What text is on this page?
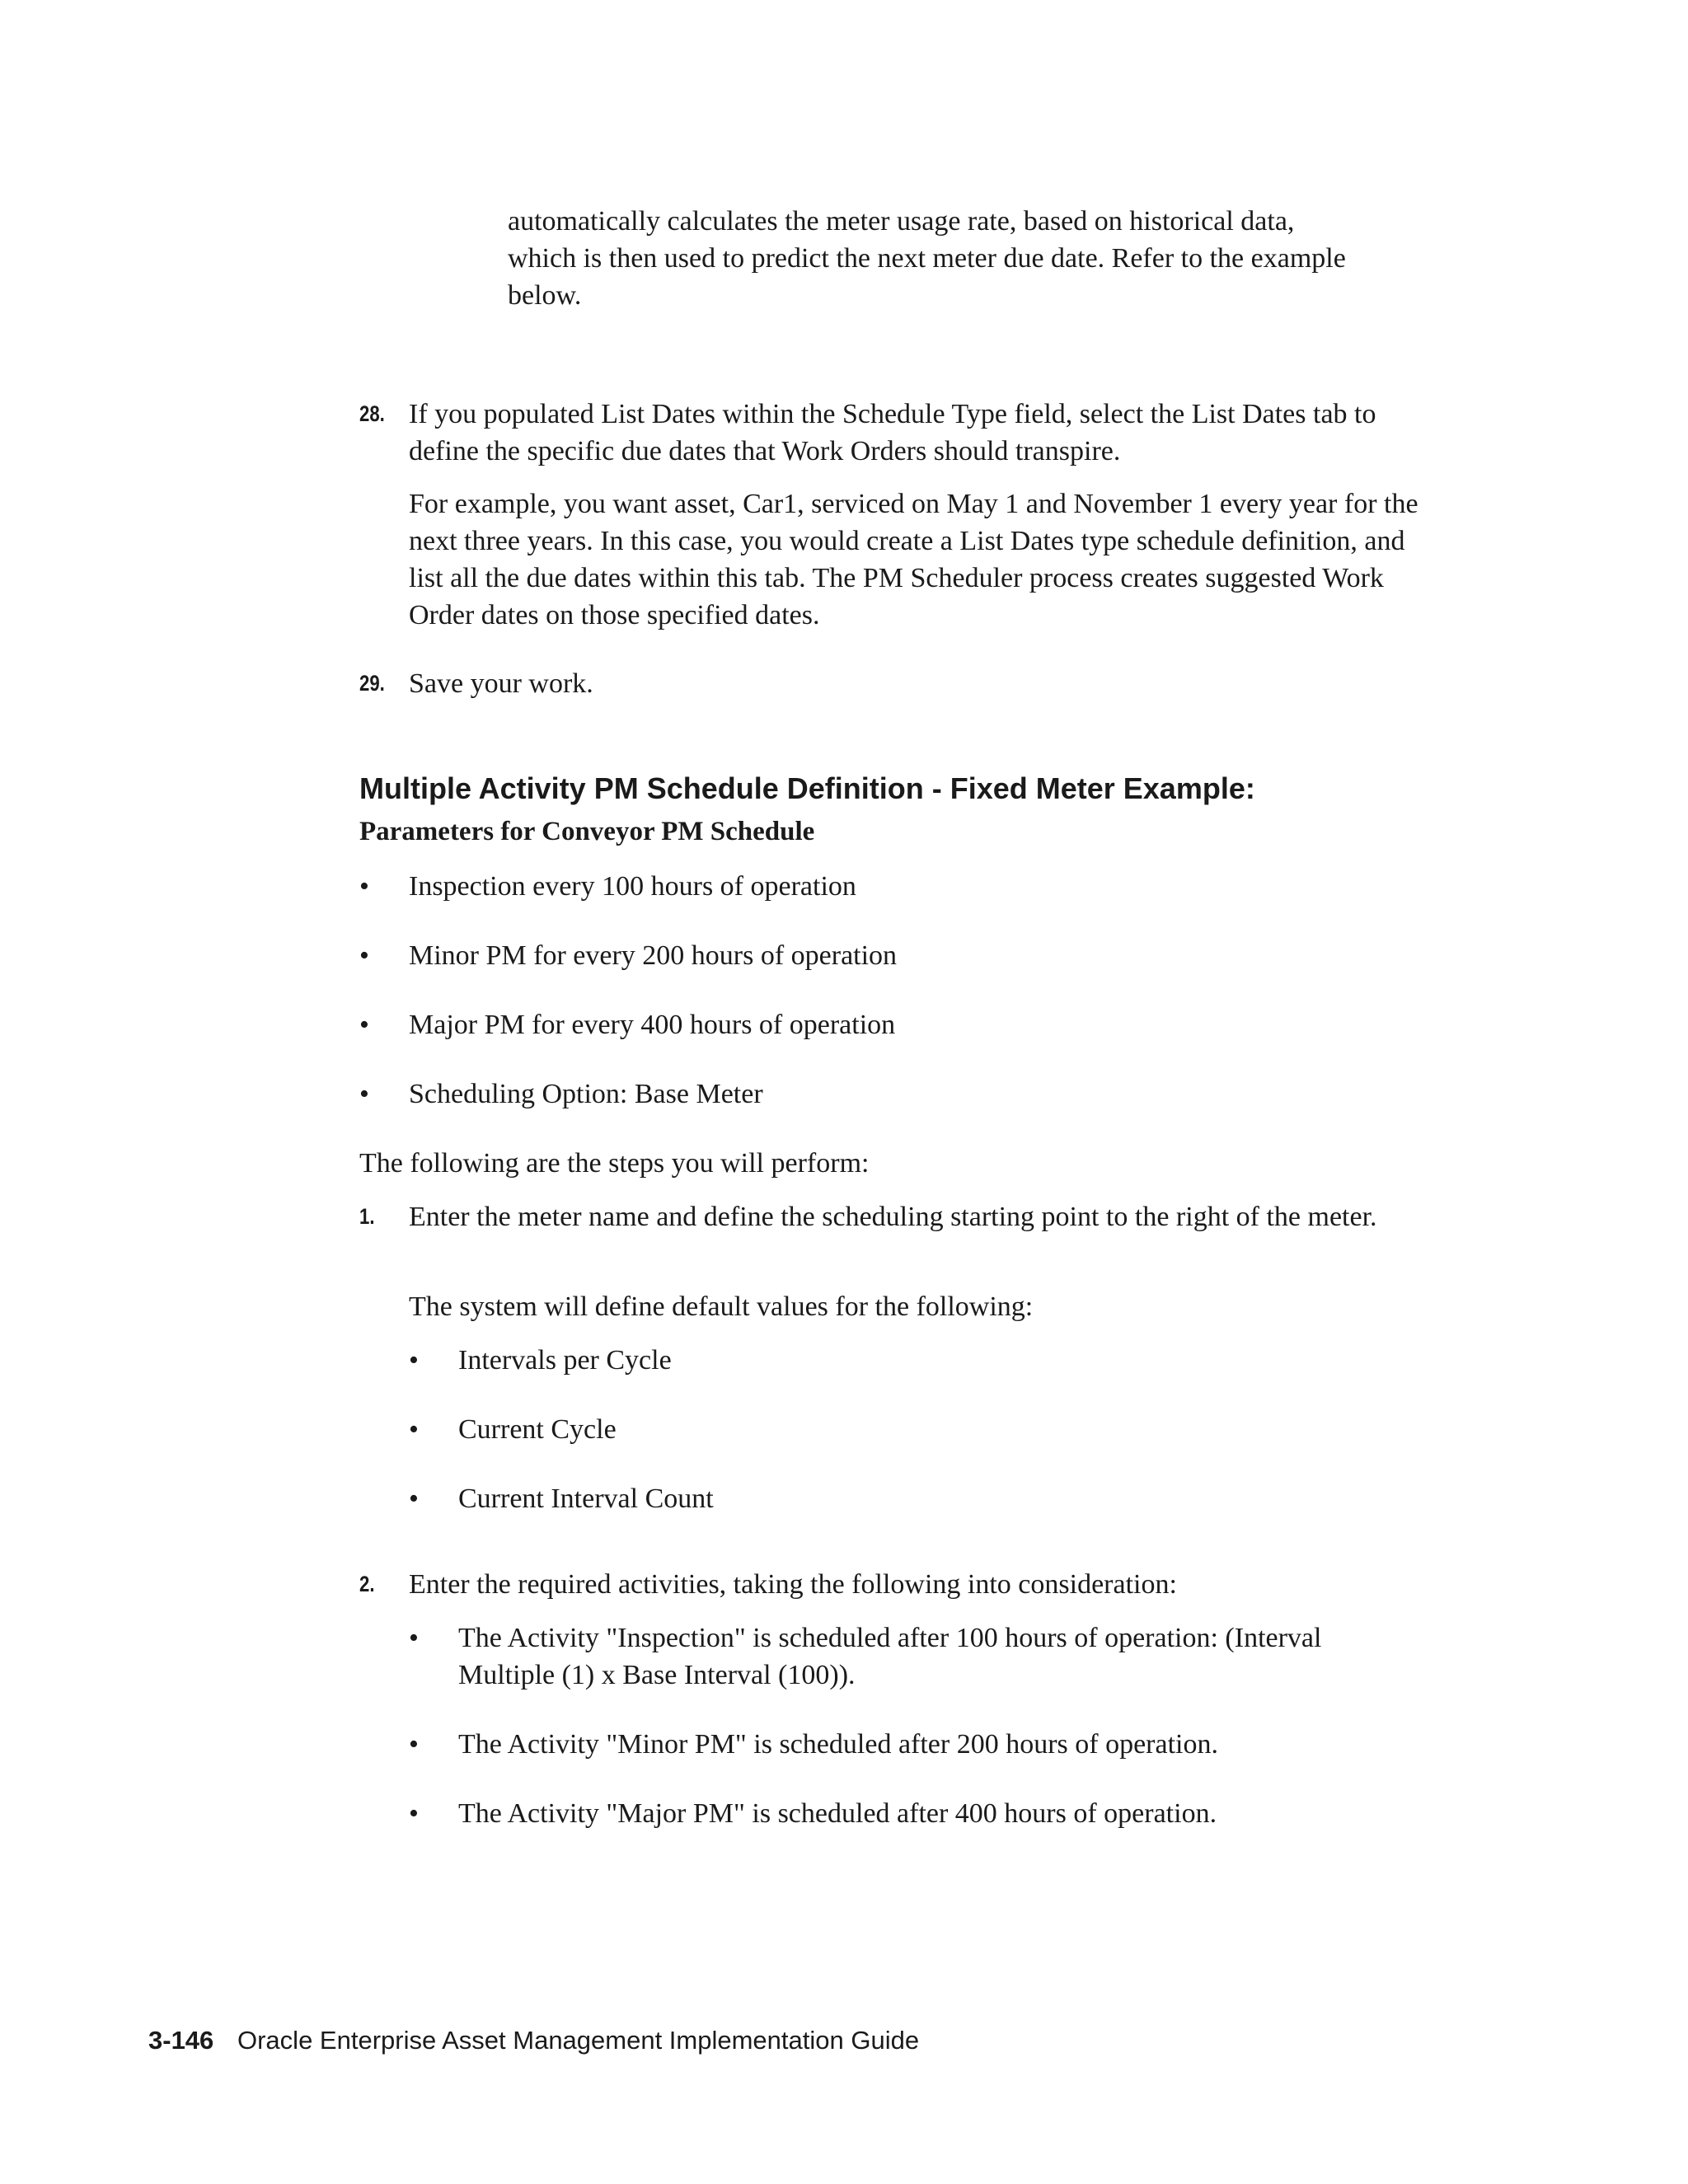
automatically calculates the meter usage rate, based on historical data, which is then used to predict the next meter due date. Refer to the example below.

28. If you populated List Dates within the Schedule Type field, select the List Dates tab to define the specific due dates that Work Orders should transpire.

For example, you want asset, Car1, serviced on May 1 and November 1 every year for the next three years. In this case, you would create a List Dates type schedule definition, and list all the due dates within this tab. The PM Scheduler process creates suggested Work Order dates on those specified dates.

29. Save your work.

Multiple Activity PM Schedule Definition - Fixed Meter Example:
Parameters for Conveyor PM Schedule
• Inspection every 100 hours of operation

• Minor PM for every 200 hours of operation

• Major PM for every 400 hours of operation

• Scheduling Option: Base Meter

The following are the steps you will perform:

1. Enter the meter name and define the scheduling starting point to the right of the meter.

The system will define default values for the following:

• Intervals per Cycle

• Current Cycle

• Current Interval Count

2. Enter the required activities, taking the following into consideration:

• The Activity "Inspection" is scheduled after 100 hours of operation: (Interval Multiple (1) x Base Interval (100)).

• The Activity "Minor PM" is scheduled after 200 hours of operation.

• The Activity "Major PM" is scheduled after 400 hours of operation.

3-146 Oracle Enterprise Asset Management Implementation Guide
